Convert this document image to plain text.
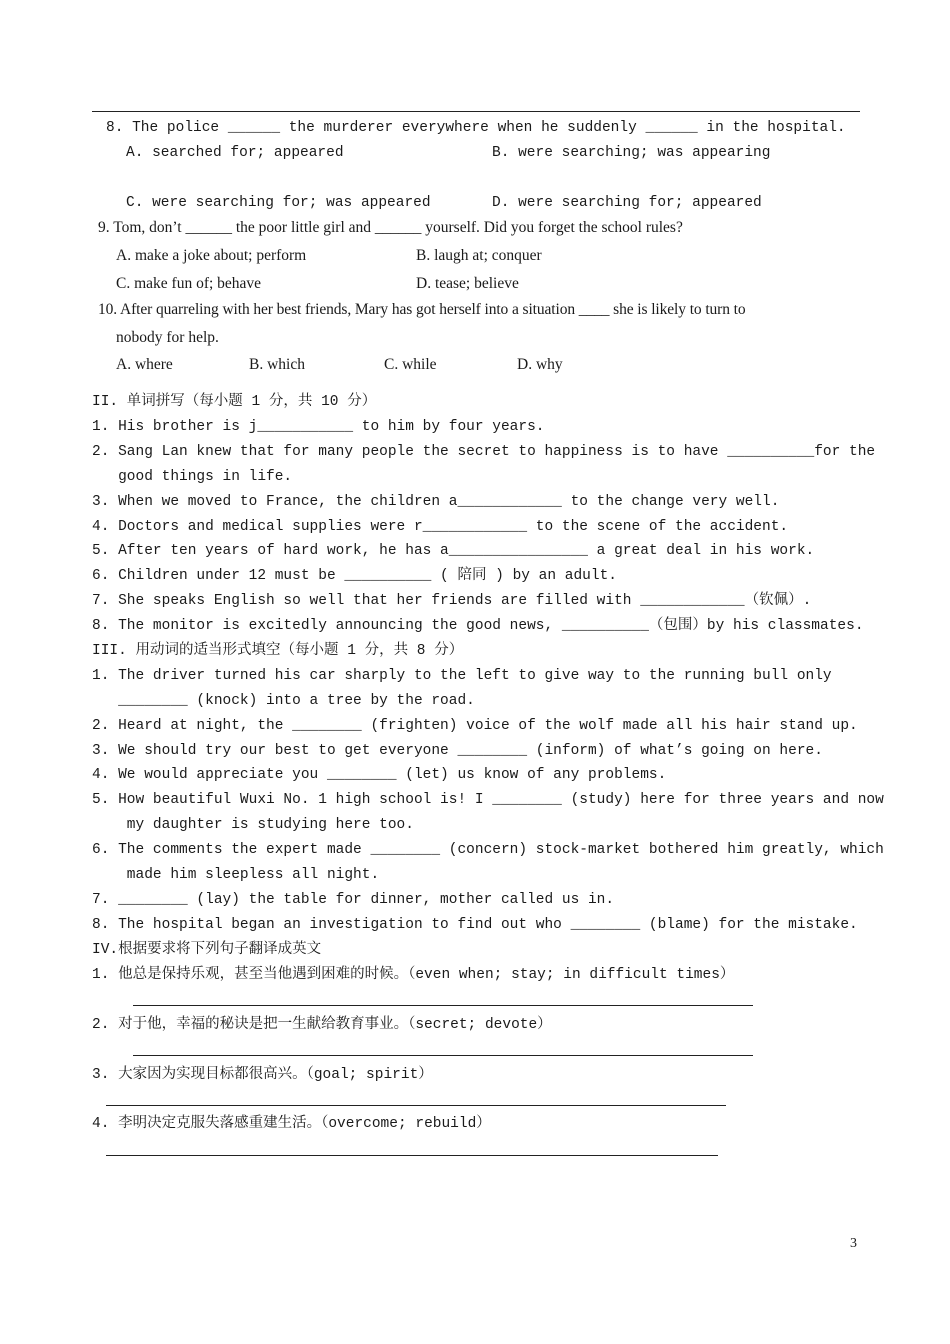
8. The police ______ the murderer everywhere when he suddenly ______ in the hospital.
A. searched for; appeared	B. were searching; was appearing
C. were searching for; was appeared	D. were searching for; appeared
9. Tom, don’t ______ the poor little girl and ______ yourself. Did you forget the school rules?
A. make a joke about; perform	B. laugh at; conquer
C. make fun of; behave	D. tease; believe
10. After quarreling with her best friends, Mary has got herself into a situation ____ she is likely to turn to
nobody for help.
A. where	B. which	C. while	D. why
II. 单词拼写（每小题 1 分，共 10 分）
1. His brother is j___________ to him by four years.
2. Sang Lan knew that for many people the secret to happiness is to have __________for the
good things in life.
3. When we moved to France, the children a____________ to the change very well.
4. Doctors and medical supplies were r____________ to the scene of the accident.
5. After ten years of hard work, he has a________________ a great deal in his work.
6. Children under 12 must be __________ ( 陪同 ) by an adult.
7. She speaks English so well that her friends are filled with ____________（钦佩）.
8. The monitor is excitedly announcing the good news, __________（包围）by his classmates.
III. 用动词的适当形式填空（每小题 1 分，共 8 分）
1. The driver turned his car sharply to the left to give way to the running bull only
________ (knock) into a tree by the road.
2. Heard at night, the ________ (frighten) voice of the wolf made all his hair stand up.
3. We should try our best to get everyone ________ (inform) of what’s going on here.
4. We would appreciate you ________ (let) us know of any problems.
5. How beautiful Wuxi No. 1 high school is! I ________ (study) here for three years and now
my daughter is studying here too.
6. The comments the expert made ________ (concern) stock-market bothered him greatly, which
made him sleepless all night.
7. ________ (lay) the table for dinner, mother called us in.
8. The hospital began an investigation to find out who ________ (blame) for the mistake.
IV.根据要求将下列句子翻译成英文
1. 他总是保持乐观，甚至当他遇到困难的时候。（even when; stay; in difficult times）
2. 对于他，幸福的秘诀是把一生献给教育事业。（secret; devote）
3. 大家因为实现目标都很高兴。（goal; spirit）
4. 李明决定克服失落感重建生活。（overcome; rebuild）
3
